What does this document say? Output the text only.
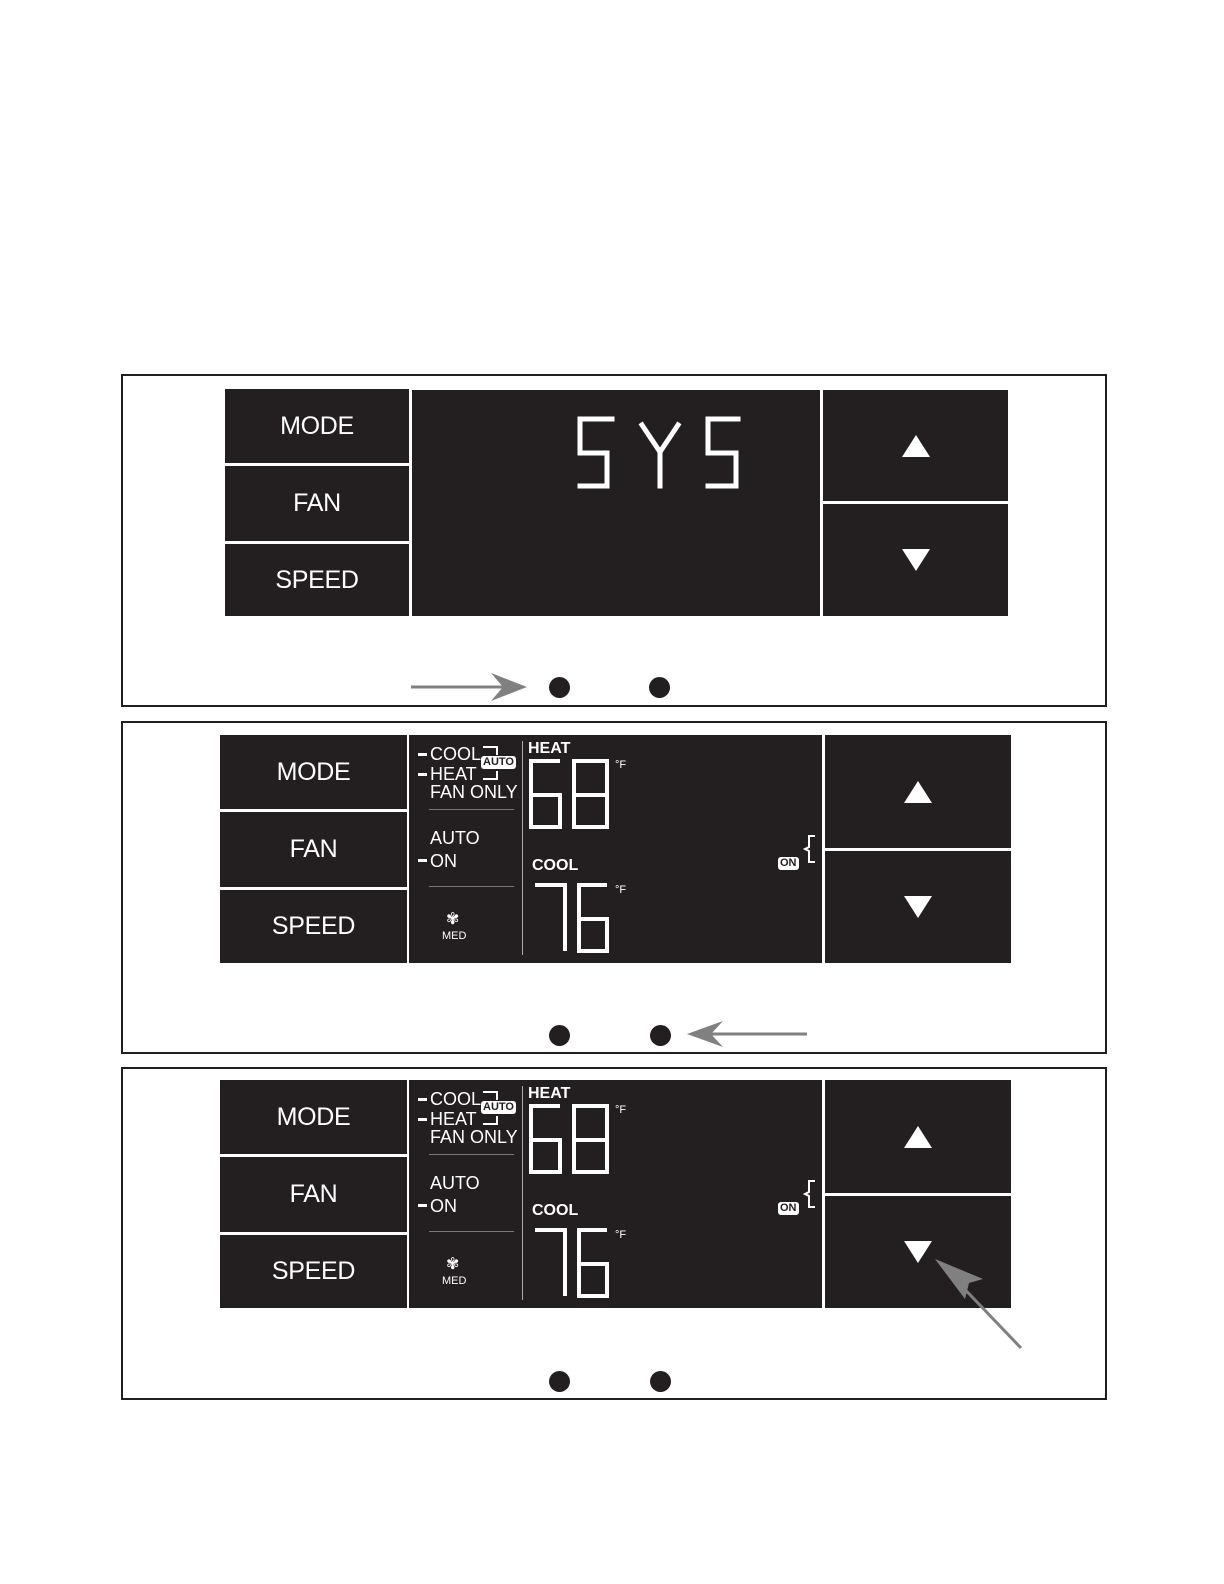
MODE
FAN
SPEED
SYS
MODE
FAN
SPEED
COOL
HEAT
AUTO
FAN ONLY
AUTO
ON
✾
MED
HEAT
°F
COOL
°F
ON
MODE
FAN
SPEED
COOL
HEAT
AUTO
FAN ONLY
AUTO
ON
✾
MED
HEAT
°F
COOL
°F
ON
